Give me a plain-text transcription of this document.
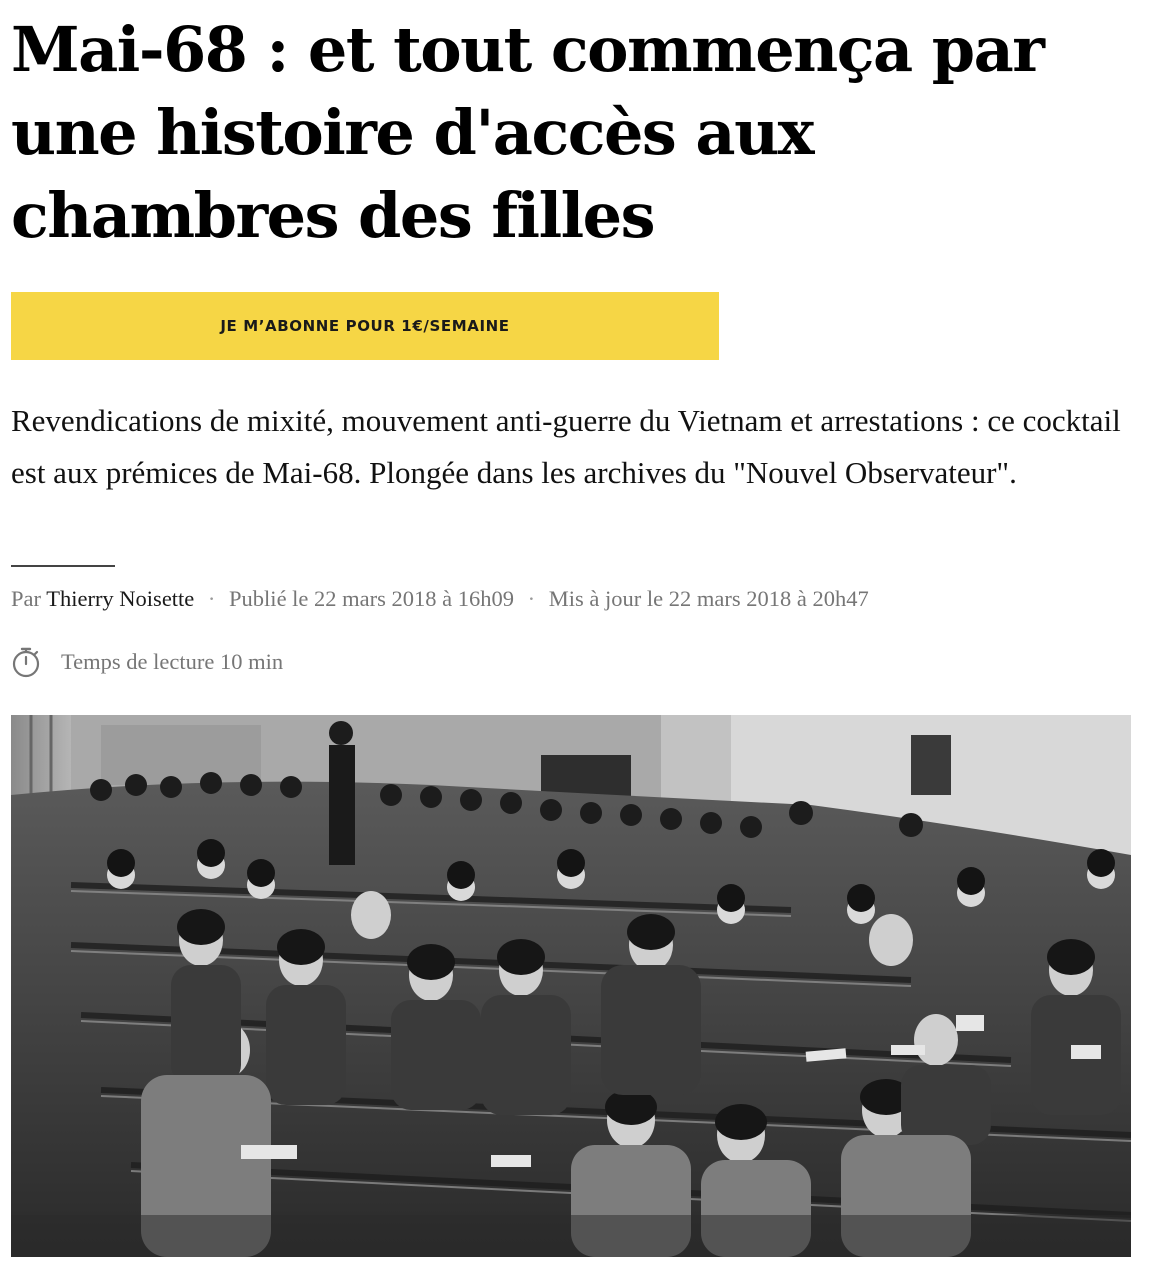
Mai-68 : et tout commença par une histoire d'accès aux chambres des filles
JE M’ABONNE POUR 1€/SEMAINE

Revendications de mixité, mouvement anti-guerre du Vietnam et arrestations : ce cocktail est aux prémices de Mai-68. Plongée dans les archives du "Nouvel Observateur".

Par Thierry Noisette · Publié le 22 mars 2018 à 16h09 · Mis à jour le 22 mars 2018 à 20h47
Temps de lecture 10 min
